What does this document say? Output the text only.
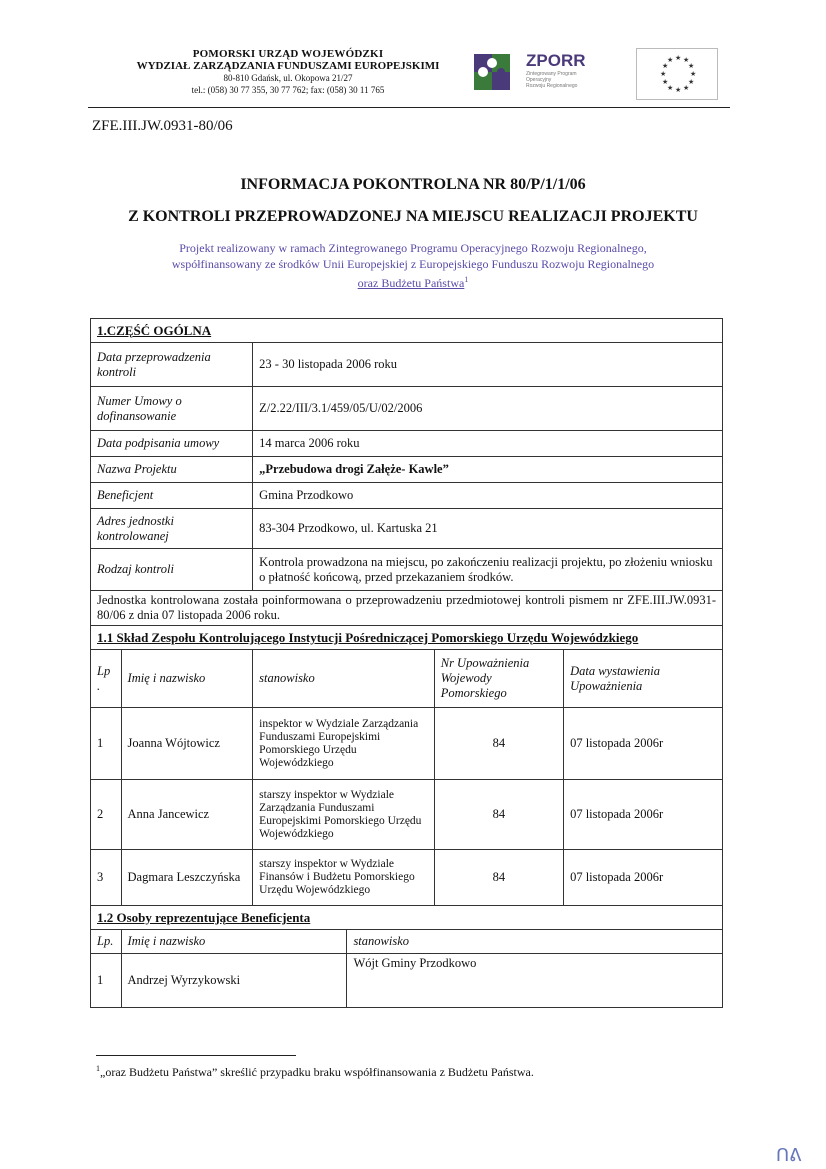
POMORSKI URZĄD WOJEWÓDZKI
WYDZIAŁ ZARZĄDZANIA FUNDUSZAMI EUROPEJSKIMI
80-810 Gdańsk, ul. Okopowa 21/27
tel.: (058) 30 77 355, 30 77 762; fax: (058) 30 11 765
ZPORR
Zintegrowany Program
Operacyjny
Rozwoju Regionalnego
★ ★
★
★
★
★
★
★
★
★
★
★
ZFE.III.JW.0931-80/06
INFORMACJA POKONTROLNA NR 80/P/1/1/06
Z KONTROLI PRZEPROWADZONEJ NA MIEJSCU REALIZACJI PROJEKTU
Projekt realizowany w ramach Zintegrowanego Programu Operacyjnego Rozwoju Regionalnego,
współfinansowany ze środków Unii Europejskiej z Europejskiego Funduszu Rozwoju Regionalnego
oraz Budżetu Państwa$^1$
1.CZĘŚĆ OGÓLNA					
Data przeprowadzenia kontroli		23 - 30 listopada 2006 roku			
Numer Umowy o dofinansowanie		Z/2.22/III/3.1/459/05/U/02/2006			
Data podpisania umowy		14 marca 2006 roku			
Nazwa Projektu		„Przebudowa drogi Załęże- Kawle”			
Beneficjent		Gmina Przodkowo			
Adres jednostki kontrolowanej		83-304 Przodkowo, ul. Kartuska 21			
Rodzaj kontroli		Kontrola prowadzona na miejscu, po zakończeniu realizacji projektu, po złożeniu wniosku o płatność końcową, przed przekazaniem środków.			
Jednostka kontrolowana została poinformowana o przeprowadzeniu przedmiotowej kontroli pismem nr ZFE.III.JW.0931-80/06 z dnia 07 listopada 2006 roku.					
1.1 Skład Zespołu Kontrolującego Instytucji Pośredniczącej Pomorskiego Urzędu Wojewódzkiego					
Lp .	Imię i nazwisko	stanowisko		Nr Upoważnienia Wojewody Pomorskiego	Data wystawienia Upoważnienia
1	Joanna Wójtowicz	inspektor w Wydziale Zarządzania Funduszami Europejskimi Pomorskiego Urzędu Wojewódzkiego		84	07 listopada 2006r
2	Anna Jancewicz	starszy inspektor w Wydziale Zarządzania Funduszami Europejskimi Pomorskiego Urzędu Wojewódzkiego		84	07 listopada 2006r
3	Dagmara Leszczyńska	starszy inspektor w Wydziale Finansów i Budżetu Pomorskiego Urzędu Wojewódzkiego		84	07 listopada 2006r
1.2 Osoby reprezentujące Beneficjenta					
Lp.	Imię i nazwisko		stanowisko		
1	Andrzej Wyrzykowski		Wójt Gminy Przodkowo		
$^1$„oraz Budżetu Państwa” skreślić przypadku braku współfinansowania z Budżetu Państwa.
ᑎᕕ
